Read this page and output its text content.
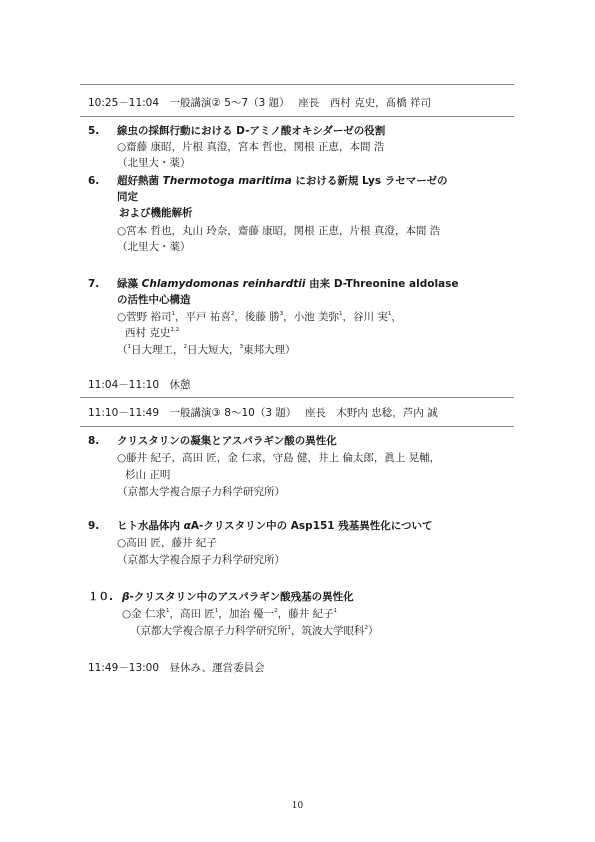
10:25－11:04　 一般講演② 5～7（3 題）　 座長　西村 克史，髙橋 祥司
5. 線虫の採餌行動における D-アミノ酸オキシダーゼの役割
○齋藤 康昭，片根 真澄，宮本 哲也，関根 正恵，本間 浩
（北里大・薬）
6. 超好熱菌 Thermotoga maritima における新規 Lys ラセマーゼの
同定
および機能解析
○宮本 哲也，丸山 玲奈，齋藤 康昭，関根 正恵，片根 真澄，本間 浩
（北里大・薬）
7. 緑藻 Chlamydomonas reinhardtii 由来 D-Threonine aldolase
の活性中心構造
○菅野 裕司$^1$，平戸 祐喜$^2$，後藤 勝$^3$，小池 美弥$^1$，谷川 実$^1$，
西村 克史$^{1,2}$
（$^1$日大理工，$^2$日大短大，$^3$東邦大理）
11:04－11:10　 休憩
11:10－11:49　 一般講演③ 8～10（3 題）　 座長　木野内 忠稔，芦内 誠
8. クリスタリンの凝集とアスパラギン酸の異性化
○藤井 紀子，高田 匠，金 仁求，守島 健，井上 倫太郎，眞上 晃輔，
杉山 正明
（京都大学複合原子力科学研究所）
9. ヒト水晶体内 αA-クリスタリン中の Asp151 残基異性化について
○高田 匠，藤井 紀子
（京都大学複合原子力科学研究所）
１０. β-クリスタリン中のアスパラギン酸残基の異性化
○金 仁求$^1$，高田 匠$^1$，加治 優一$^2$，藤井 紀子$^1$
（京都大学複合原子力科学研究所$^1$，筑波大学眼科$^2$）
11:49－13:00　 昼休み、運営委員会
10
